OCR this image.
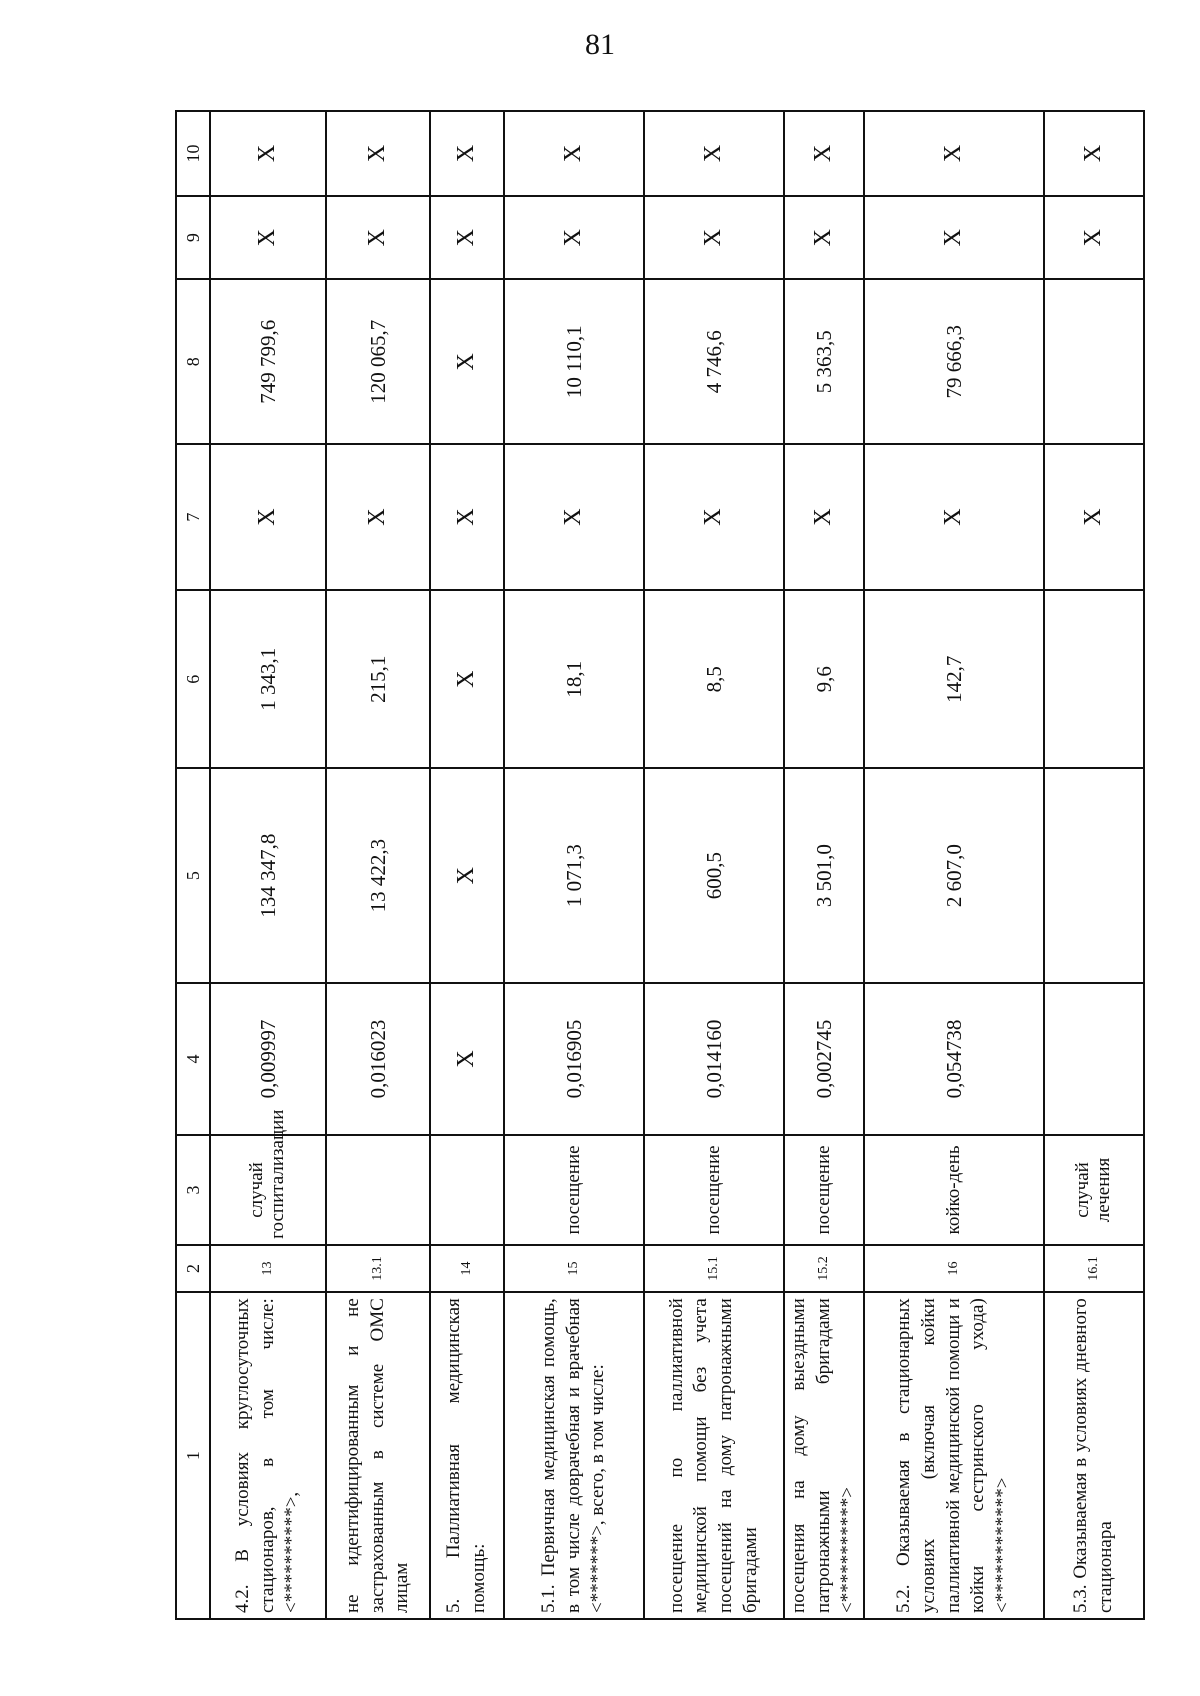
81
1	2	3	4	5	6	7	8	9	10
4.2. В условиях круглосуточных стационаров, в том числе: <**********>,	13	случай госпитализации	0,009997	134 347,8	1 343,1	X	749 799,6	X	X
не идентифицированным и не застрахованным в системе ОМС лицам	13.1		0,016023	13 422,3	215,1	X	120 065,7	X	X
5. Паллиативная медицинская помощь:	14		X	X	X	X	X	X	X
5.1. Первичная медицинская помощь, в том числе доврачебная и врачебная <*******>, всего, в том числе:	15	посещение	0,016905	1 071,3	18,1	X	10 110,1	X	X
посещение по паллиативной медицинской помощи без учета посещений на дому патронажными бригадами	15.1	посещение	0,014160	600,5	8,5	X	4 746,6	X	X
посещения на дому выездными патронажными бригадами <***********>	15.2	посещение	0,002745	3 501,0	9,6	X	5 363,5	X	X
5.2. Оказываемая в стационарных условиях (включая койки паллиативной медицинской помощи и койки сестринского ухода) <************>	16	койко-день	0,054738	2 607,0	142,7	X	79 666,3	X	X
5.3. Оказываемая в условиях дневного стационара	16.1	случай лечения				X		X	X
